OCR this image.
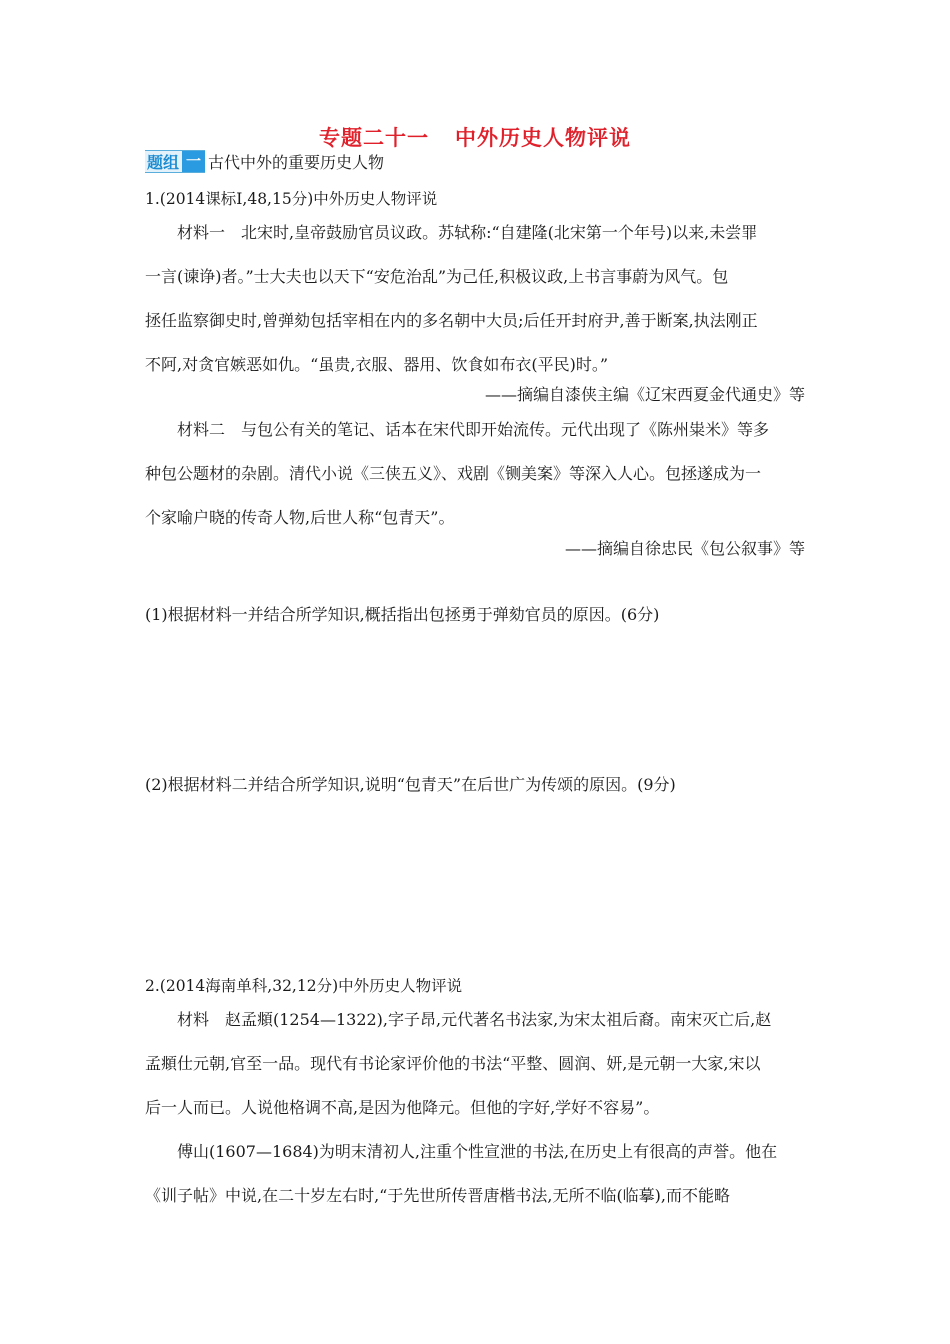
专题二十一 中外历史人物评说
题组 一 古代中外的重要历史人物
1.(2014课标Ⅰ,48,15分)中外历史人物评说
材料一　北宋时,皇帝鼓励官员议政。苏轼称:“自建隆(北宋第一个年号)以来,未尝罪
一言(谏诤)者。”士大夫也以天下“安危治乱”为己任,积极议政,上书言事蔚为风气。包
拯任监察御史时,曾弹劾包括宰相在内的多名朝中大员;后任开封府尹,善于断案,执法刚正
不阿,对贪官嫉恶如仇。“虽贵,衣服、器用、饮食如布衣(平民)时。”
——摘编自漆侠主编《辽宋西夏金代通史》等
材料二　与包公有关的笔记、话本在宋代即开始流传。元代出现了《陈州粜米》等多
种包公题材的杂剧。清代小说《三侠五义》、戏剧《铡美案》等深入人心。包拯遂成为一
个家喻户晓的传奇人物,后世人称“包青天”。
——摘编自徐忠民《包公叙事》等
(1)根据材料一并结合所学知识,概括指出包拯勇于弹劾官员的原因。(6分)
(2)根据材料二并结合所学知识,说明“包青天”在后世广为传颂的原因。(9分)
2.(2014海南单科,32,12分)中外历史人物评说
材料　赵孟頫(1254—1322),字子昂,元代著名书法家,为宋太祖后裔。南宋灭亡后,赵
孟頫仕元朝,官至一品。现代有书论家评价他的书法“平整、圆润、妍,是元朝一大家,宋以
后一人而已。人说他格调不高,是因为他降元。但他的字好,学好不容易”。
傅山(1607—1684)为明末清初人,注重个性宣泄的书法,在历史上有很高的声誉。他在
《训子帖》中说,在二十岁左右时,“于先世所传晋唐楷书法,无所不临(临摹),而不能略
